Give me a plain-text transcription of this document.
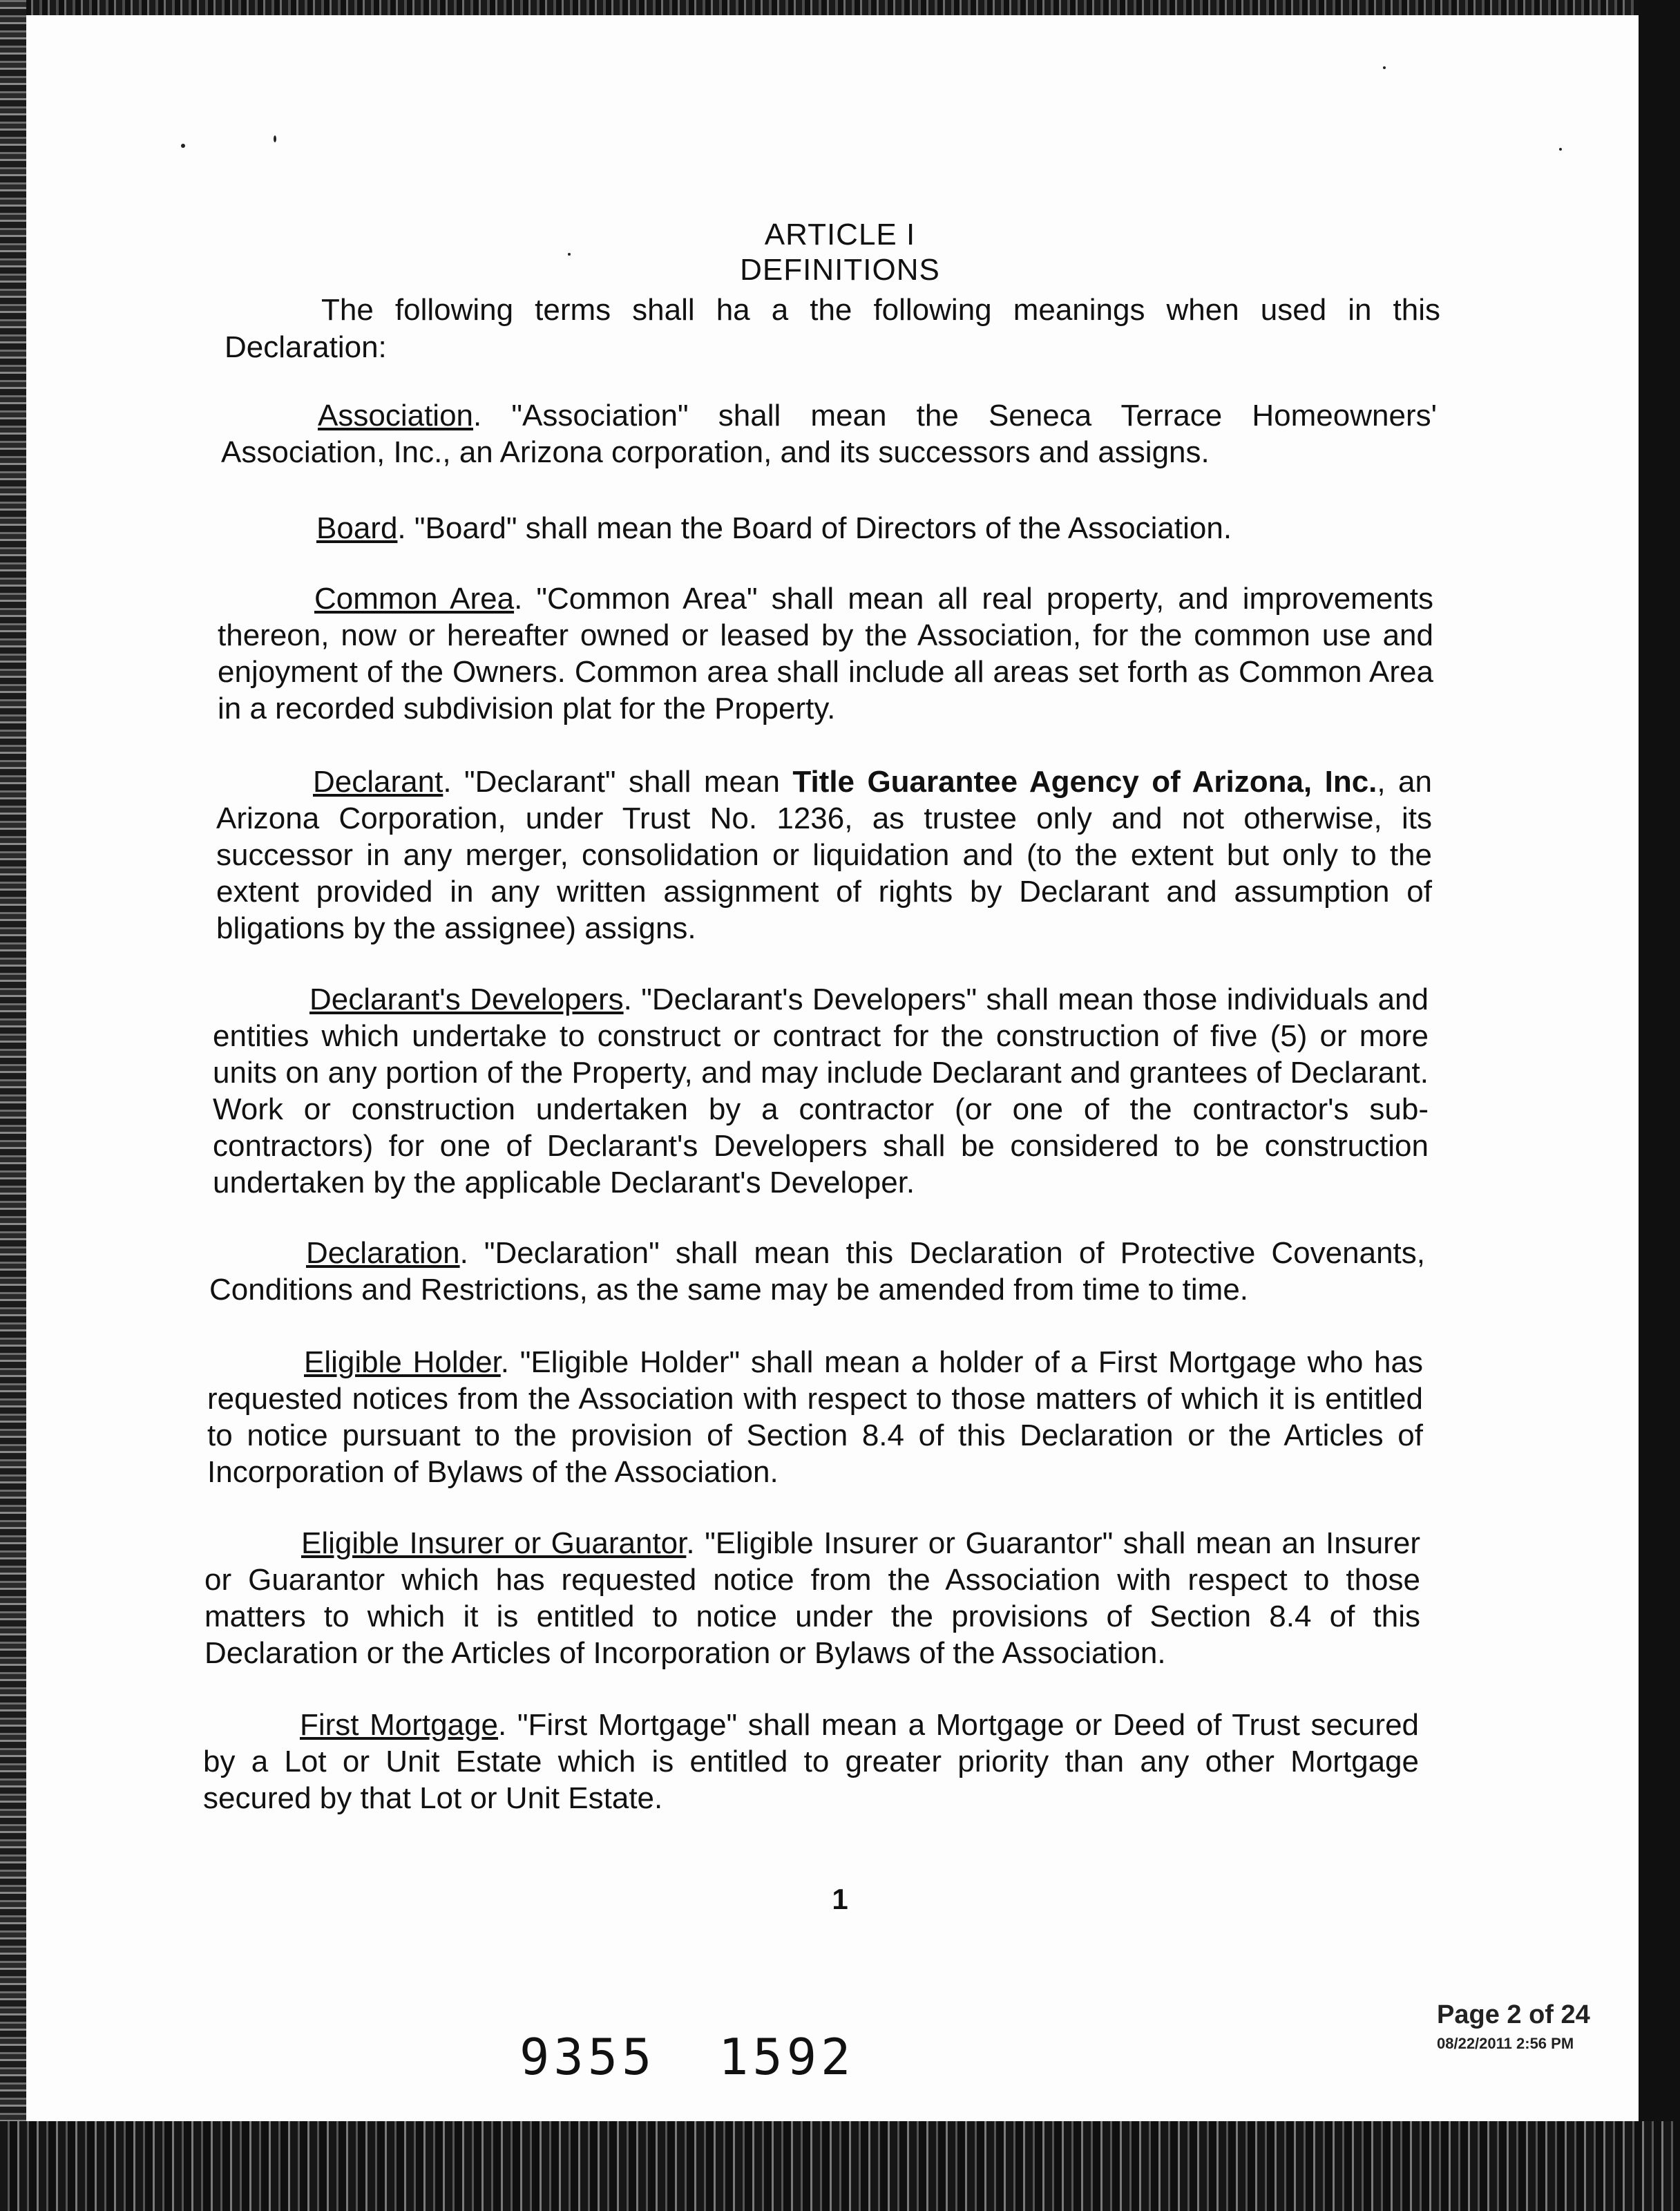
ARTICLE I
DEFINITIONS
The following terms shall ha a the following meanings when used in this Declaration:

Association. "Association" shall mean the Seneca Terrace Homeowners' Association, Inc., an Arizona corporation, and its successors and assigns.

Board. "Board" shall mean the Board of Directors of the Association.

Common Area. "Common Area" shall mean all real property, and improvements thereon, now or hereafter owned or leased by the Association, for the common use and enjoyment of the Owners. Common area shall include all areas set forth as Common Area in a recorded subdivision plat for the Property.

Declarant. "Declarant" shall mean Title Guarantee Agency of Arizona, Inc., an Arizona Corporation, under Trust No. 1236, as trustee only and not otherwise, its successor in any merger, consolidation or liquidation and (to the extent but only to the extent provided in any written assignment of rights by Declarant and assumption of bligations by the assignee) assigns.

Declarant's Developers. "Declarant's Developers" shall mean those individuals and entities which undertake to construct or contract for the construction of five (5) or more units on any portion of the Property, and may include Declarant and grantees of Declarant. Work or construction undertaken by a contractor (or one of the contractor's sub-contractors) for one of Declarant's Developers shall be considered to be construction undertaken by the applicable Declarant's Developer.

Declaration. "Declaration" shall mean this Declaration of Protective Covenants, Conditions and Restrictions, as the same may be amended from time to time.

Eligible Holder. "Eligible Holder" shall mean a holder of a First Mortgage who has requested notices from the Association with respect to those matters of which it is entitled to notice pursuant to the provision of Section 8.4 of this Declaration or the Articles of Incorporation of Bylaws of the Association.

Eligible Insurer or Guarantor. "Eligible Insurer or Guarantor" shall mean an Insurer or Guarantor which has requested notice from the Association with respect to those matters to which it is entitled to notice under the provisions of Section 8.4 of this Declaration or the Articles of Incorporation or Bylaws of the Association.

First Mortgage. "First Mortgage" shall mean a Mortgage or Deed of Trust secured by a Lot or Unit Estate which is entitled to greater priority than any other Mortgage secured by that Lot or Unit Estate.

1
Page 2 of 24
08/22/2011 2:56 PM
9355 1592
